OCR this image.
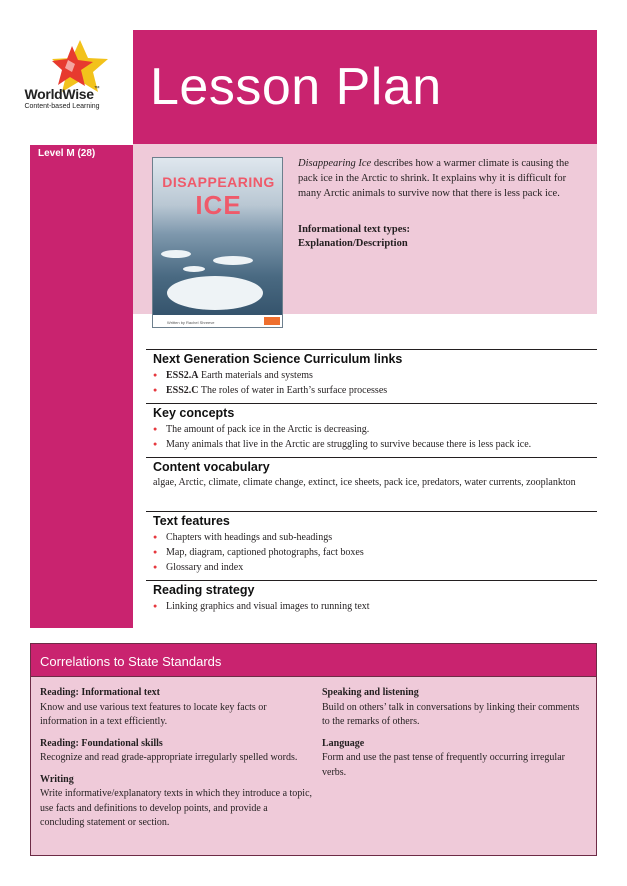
WorldWise™
Content-based Learning Lesson Plan
Level M (28)
DISAPPEARING
ICE
Written by Rachel Shreeve
Disappearing Ice describes how a warmer climate is causing the pack ice in the Arctic to shrink. It explains why it is difficult for many Arctic animals to survive now that there is less pack ice.
Informational text types:
Explanation/Description
Next Generation Science Curriculum links
● ESS2.A Earth materials and systems
● ESS2.C The roles of water in Earth’s surface processes
Key concepts
● The amount of pack ice in the Arctic is decreasing.
● Many animals that live in the Arctic are struggling to survive because there is less pack ice.
Content vocabulary

algae, Arctic, climate, climate change, extinct, ice sheets, pack ice, predators, water currents, zooplankton

Text features
● Chapters with headings and sub-headings
● Map, diagram, captioned photographs, fact boxes
● Glossary and index
Reading strategy
● Linking graphics and visual images to running text
Correlations to State Standards
Reading: Informational text

Know and use various text features to locate key facts or information in a text efficiently.

Reading: Foundational skills

Recognize and read grade-appropriate irregularly spelled words.

Writing

Write informative/explanatory texts in which they introduce a topic, use facts and definitions to develop points, and provide a concluding statement or section.

Speaking and listening

Build on others’ talk in conversations by linking their comments to the remarks of others.

Language

Form and use the past tense of frequently occurring irregular verbs.
